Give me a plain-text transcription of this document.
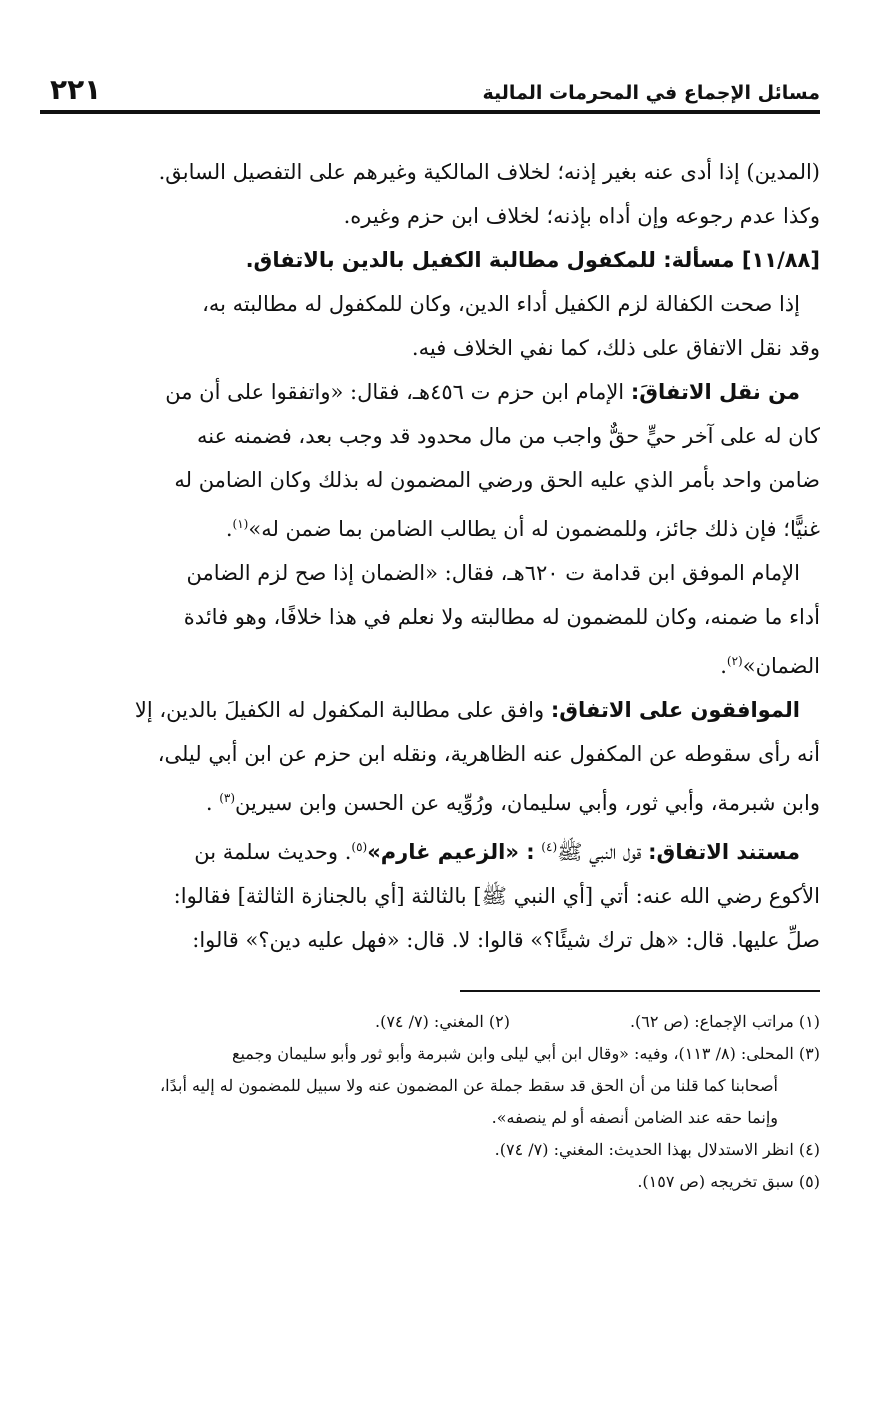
مسائل الإجماع في المحرمات المالية
٢٢١
(المدين) إذا أدى عنه بغير إذنه؛ لخلاف المالكية وغيرهم على التفصيل السابق.
وكذا عدم رجوعه وإن أداه بإذنه؛ لخلاف ابن حزم وغيره.
[١١/٨٨] مسألة: للمكفول مطالبة الكفيل بالدين بالاتفاق.
إذا صحت الكفالة لزم الكفيل أداء الدين، وكان للمكفول له مطالبته به،
وقد نقل الاتفاق على ذلك، كما نفي الخلاف فيه.
من نقل الاتفاقَ: الإمام ابن حزم ت ٤٥٦هـ، فقال: «واتفقوا على أن من
كان له على آخر حيٍّ حقٌّ واجب من مال محدود قد وجب بعد، فضمنه عنه
ضامن واحد بأمر الذي عليه الحق ورضي المضمون له بذلك وكان الضامن له
غنيًّا؛ فإن ذلك جائز، وللمضمون له أن يطالب الضامن بما ضمن له»$^{(١)}$.
الإمام الموفق ابن قدامة ت ٦٢٠هـ، فقال: «الضمان إذا صح لزم الضامن
أداء ما ضمنه، وكان للمضمون له مطالبته ولا نعلم في هذا خلافًا، وهو فائدة
الضمان»$^{(٢)}$.
الموافقون على الاتفاق: وافق على مطالبة المكفول له الكفيلَ بالدين، إلا
أنه رأى سقوطه عن المكفول عنه الظاهرية، ونقله ابن حزم عن ابن أبي ليلى،
وابن شبرمة، وأبي ثور، وأبي سليمان، ورُوِّيه عن الحسن وابن سيرين$^{(٣)}$ .
مستند الاتفاق: قول النبي ﷺ$^{(٤)}$ : «الزعيم غارم»$^{(٥)}$. وحديث سلمة بن
الأكوع رضي الله عنه: أتي [أي النبي ﷺ] بالثالثة [أي بالجنازة الثالثة] فقالوا:
صلِّ عليها. قال: «هل ترك شيئًا؟» قالوا: لا. قال: «فهل عليه دين؟» قالوا:
(١) مراتب الإجماع: (ص ٦٢).
(٢) المغني: (٧/ ٧٤).
(٣) المحلى: (٨/ ١١٣)، وفيه: «وقال ابن أبي ليلى وابن شبرمة وأبو ثور وأبو سليمان وجميع
أصحابنا كما قلنا من أن الحق قد سقط جملة عن المضمون عنه ولا سبيل للمضمون له إليه أبدًا،
وإنما حقه عند الضامن أنصفه أو لم ينصفه».
(٤) انظر الاستدلال بهذا الحديث: المغني: (٧/ ٧٤).
(٥) سبق تخريجه (ص ١٥٧).
